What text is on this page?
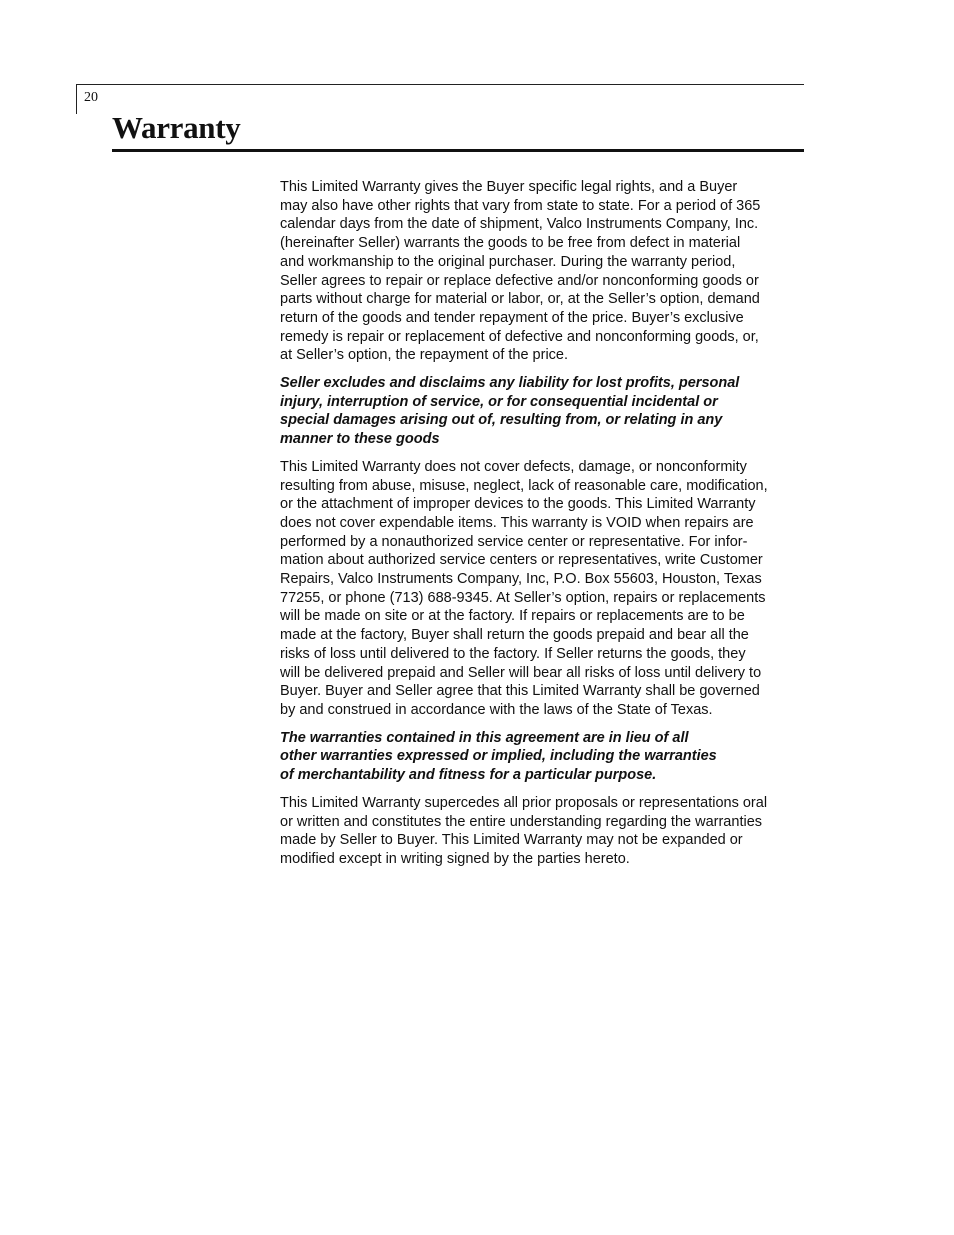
20
Warranty

This Limited Warranty gives the Buyer specific legal rights, and a Buyer
may also have other rights that vary from state to state. For a period of 365
calendar days from the date of shipment, Valco Instruments Company, Inc.
(hereinafter Seller) warrants the goods to be free from defect in material
and workmanship to the original purchaser. During the warranty period,
Seller agrees to repair or replace defective and/or nonconforming goods or
parts without charge for material or labor, or, at the Seller’s option, demand
return of the goods and tender repayment of the price. Buyer’s exclusive
remedy is repair or replacement of defective and nonconforming goods, or,
at Seller’s option, the repayment of the price.

Seller excludes and disclaims any liability for lost profits, personal
injury, interruption of service, or for consequential incidental or
special damages arising out of, resulting from, or relating in any
manner to these goods

This Limited Warranty does not cover defects, damage, or nonconformity
resulting from abuse, misuse, neglect, lack of reasonable care, modification,
or the attachment of improper devices to the goods. This Limited Warranty
does not cover expendable items. This warranty is VOID when repairs are
performed by a nonauthorized service center or representative. For infor-
mation about authorized service centers or representatives, write Customer
Repairs, Valco Instruments Company, Inc, P.O. Box 55603, Houston, Texas
77255, or phone (713) 688-9345. At Seller’s option, repairs or replacements
will be made on site or at the factory. If repairs or replacements are to be
made at the factory, Buyer shall return the goods prepaid and bear all the
risks of loss until delivered to the factory. If Seller returns the goods, they
will be delivered prepaid and Seller will bear all risks of loss until delivery to
Buyer. Buyer and Seller agree that this Limited Warranty shall be governed
by and construed in accordance with the laws of the State of Texas.

The warranties contained in this agreement are in lieu of all
other warranties expressed or implied, including the warranties
of merchantability and fitness for a particular purpose.

This Limited Warranty supercedes all prior proposals or representations oral
or written and constitutes the entire understanding regarding the warranties
made by Seller to Buyer. This Limited Warranty may not be expanded or
modified except in writing signed by the parties hereto.
